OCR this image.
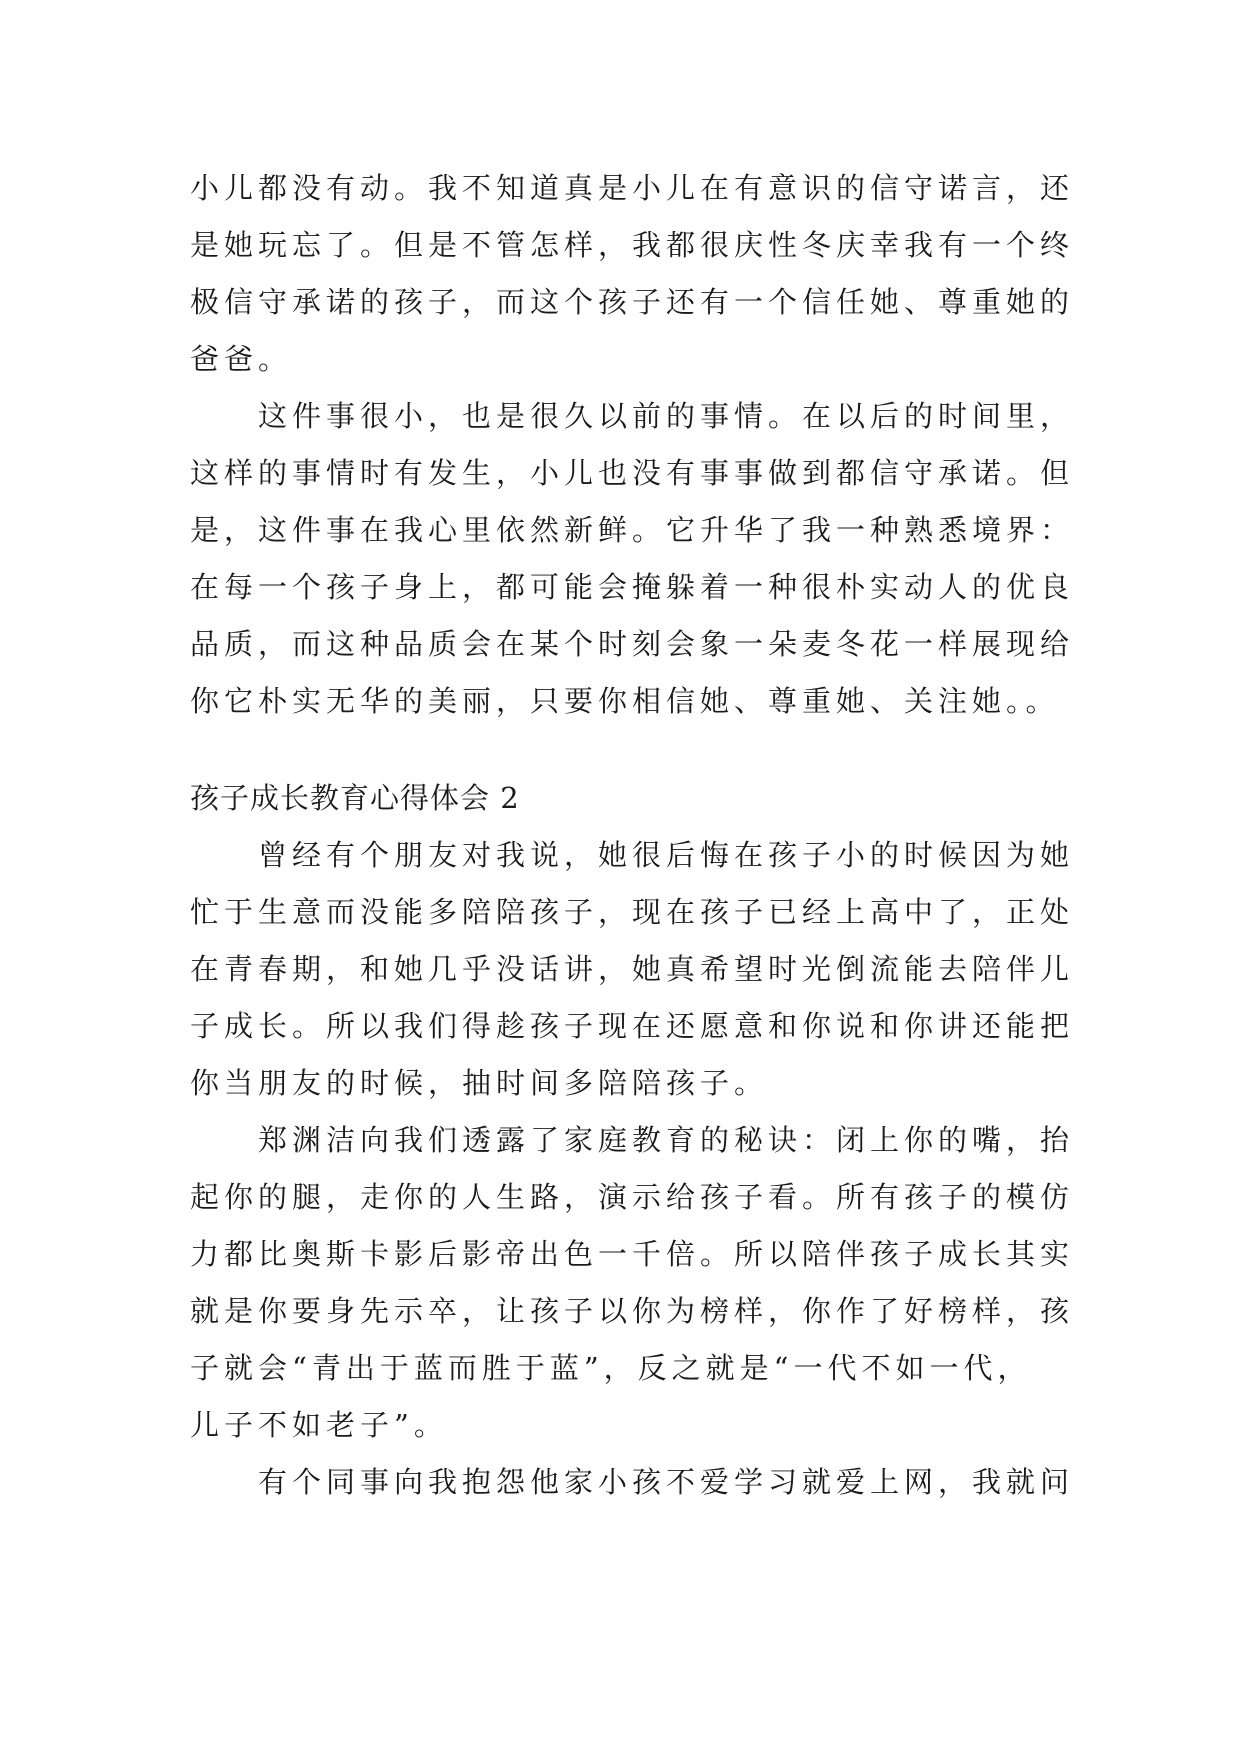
小儿都没有动。我不知道真是小儿在有意识的信守诺言，还
是她玩忘了。但是不管怎样，我都很庆性冬庆幸我有一个终
极信守承诺的孩子，而这个孩子还有一个信任她、尊重她的
爸爸。
这件事很小，也是很久以前的事情。在以后的时间里，
这样的事情时有发生，小儿也没有事事做到都信守承诺。但
是，这件事在我心里依然新鲜。它升华了我一种熟悉境界：
在每一个孩子身上，都可能会掩躲着一种很朴实动人的优良
品质，而这种品质会在某个时刻会象一朵麦冬花一样展现给
你它朴实无华的美丽，只要你相信她、尊重她、关注她。。
孩子成长教育心得体会 2
曾经有个朋友对我说，她很后悔在孩子小的时候因为她
忙于生意而没能多陪陪孩子，现在孩子已经上高中了，正处
在青春期，和她几乎没话讲，她真希望时光倒流能去陪伴儿
子成长。所以我们得趁孩子现在还愿意和你说和你讲还能把
你当朋友的时候，抽时间多陪陪孩子。
郑渊洁向我们透露了家庭教育的秘诀：闭上你的嘴，抬
起你的腿，走你的人生路，演示给孩子看。所有孩子的模仿
力都比奥斯卡影后影帝出色一千倍。所以陪伴孩子成长其实
就是你要身先示卒，让孩子以你为榜样，你作了好榜样，孩
子就会“青出于蓝而胜于蓝”，反之就是“一代不如一代，
儿子不如老子”。
有个同事向我抱怨他家小孩不爱学习就爱上网，我就问
